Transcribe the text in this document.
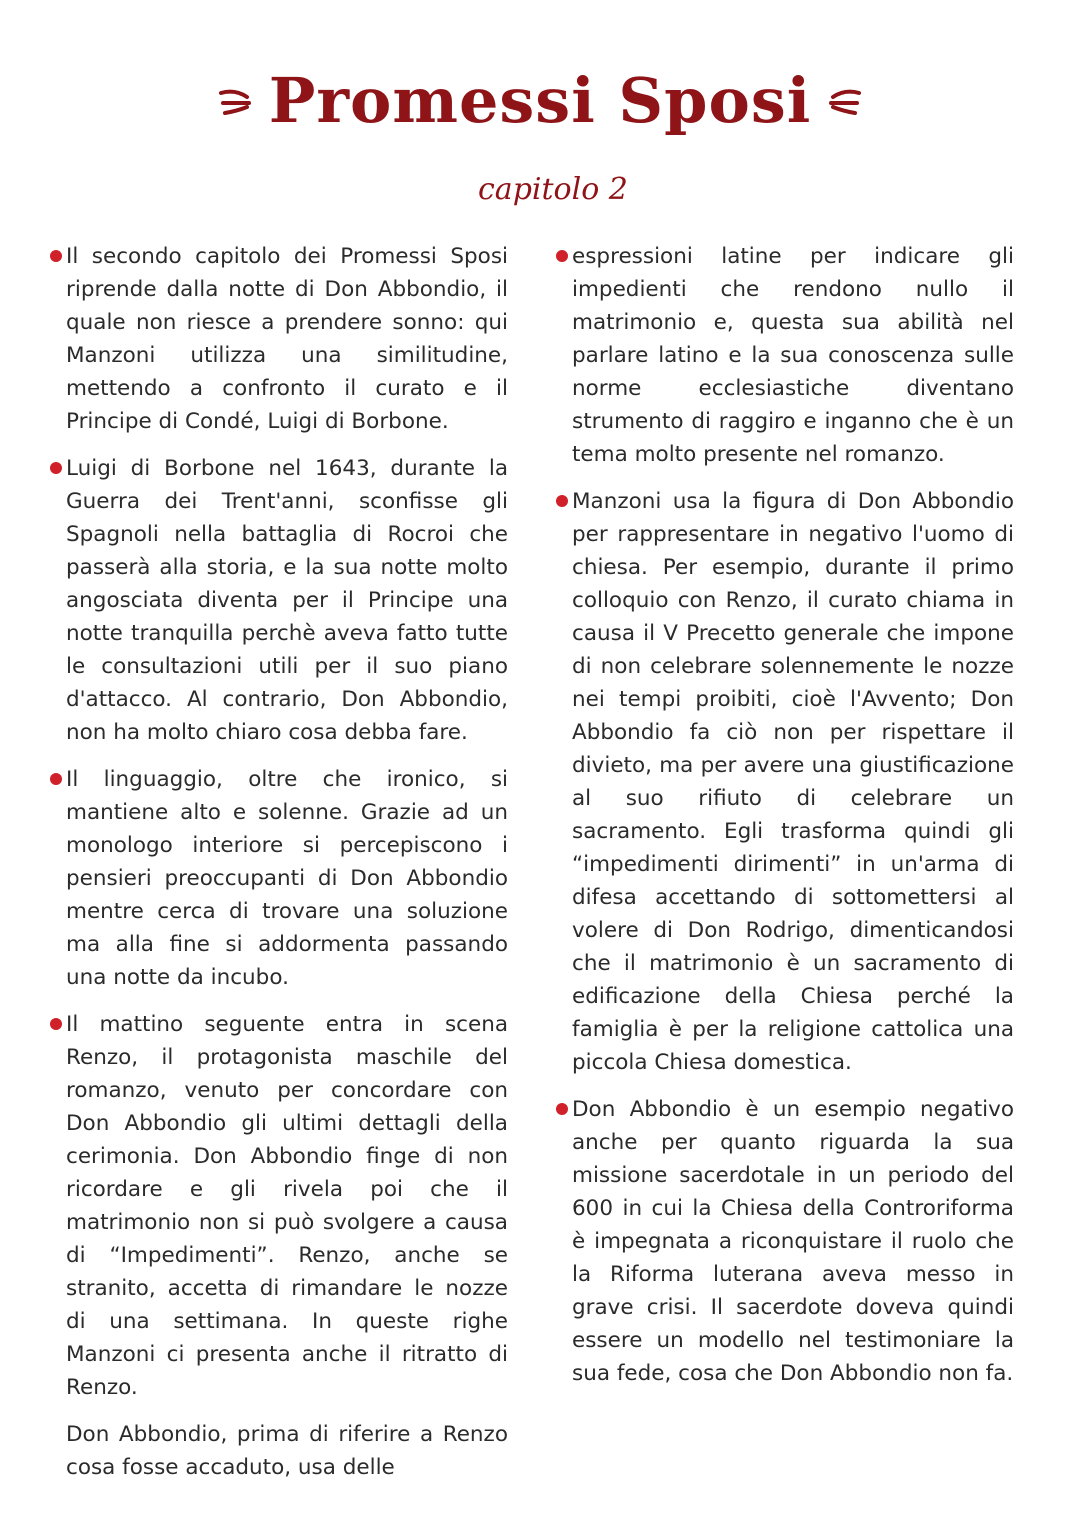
Promessi Sposi
capitolo 2
Il secondo capitolo dei Promessi Sposi riprende dalla notte di Don Abbondio, il quale non riesce a prendere sonno: qui Manzoni utilizza una similitudine, mettendo a confronto il curato e il Principe di Condé, Luigi di Borbone.
Luigi di Borbone nel 1643, durante la Guerra dei Trent'anni, sconfisse gli Spagnoli nella battaglia di Rocroi che passerà alla storia, e la sua notte molto angosciata diventa per il Principe una notte tranquilla perchè aveva fatto tutte le consultazioni utili per il suo piano d'attacco. Al contrario, Don Abbondio, non ha molto chiaro cosa debba fare.
Il linguaggio, oltre che ironico, si mantiene alto e solenne. Grazie ad un monologo interiore si percepiscono i pensieri preoccupanti di Don Abbondio mentre cerca di trovare una soluzione ma alla fine si addormenta passando una notte da incubo.
Il mattino seguente entra in scena Renzo, il protagonista maschile del romanzo, venuto per concordare con Don Abbondio gli ultimi dettagli della cerimonia. Don Abbondio finge di non ricordare e gli rivela poi che il matrimonio non si può svolgere a causa di “Impedimenti”. Renzo, anche se stranito, accetta di rimandare le nozze di una settimana. In queste righe Manzoni ci presenta anche il ritratto di Renzo.
Don Abbondio, prima di riferire a Renzo cosa fosse accaduto, usa delle
espressioni latine per indicare gli impedienti che rendono nullo il matrimonio e, questa sua abilità nel parlare latino e la sua conoscenza sulle norme ecclesiastiche diventano strumento di raggiro e inganno che è un tema molto presente nel romanzo.
Manzoni usa la figura di Don Abbondio per rappresentare in negativo l'uomo di chiesa. Per esempio, durante il primo colloquio con Renzo, il curato chiama in causa il V Precetto generale che impone di non celebrare solennemente le nozze nei tempi proibiti, cioè l'Avvento; Don Abbondio fa ciò non per rispettare il divieto, ma per avere una giustificazione al suo rifiuto di celebrare un sacramento. Egli trasforma quindi gli “impedimenti dirimenti” in un'arma di difesa accettando di sottomettersi al volere di Don Rodrigo, dimenticandosi che il matrimonio è un sacramento di edificazione della Chiesa perché la famiglia è per la religione cattolica una piccola Chiesa domestica.
Don Abbondio è un esempio negativo anche per quanto riguarda la sua missione sacerdotale in un periodo del 600 in cui la Chiesa della Controriforma è impegnata a riconquistare il ruolo che la Riforma luterana aveva messo in grave crisi. Il sacerdote doveva quindi essere un modello nel testimoniare la sua fede, cosa che Don Abbondio non fa.
